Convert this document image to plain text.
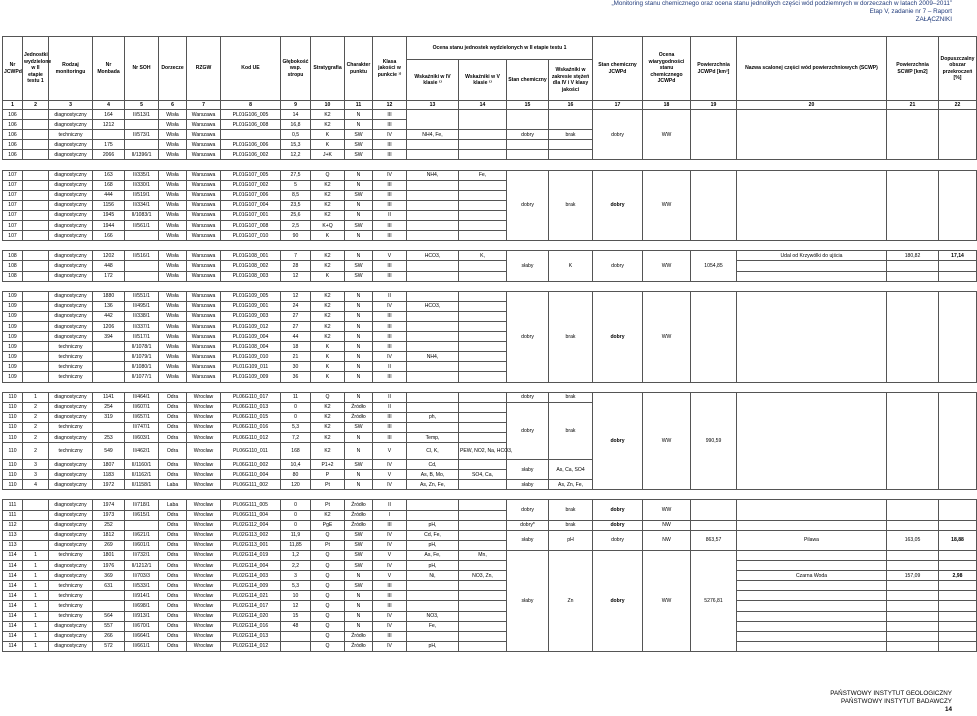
„Monitoring stanu chemicznego oraz ocena stanu jednolitych części wód podziemnych w dorzeczach w latach 2009–2011”
Etap V, zadanie nr 7 – Raport
ZAŁĄCZNIKI
Nr JCWPd	Jednostki wydzielone w II etapie testu 1	Rodzaj monitoringu	Nr Monbada	Nr SOH	Dorzecze	RZGW	Kod UE	Głębokość wsp. stropu	Stratygrafia	Charakter punktu	Klasa jakości w punkcie ¹⁾	Ocena stanu jednostek wydzielonych w II etapie testu 1				Stan chemiczny JCWPd	Ocena wiarygodności stanu chemicznego JCWPd	Powierzchnia JCWPd [km²]	Nazwa scalonej części wód powierzchniowych (SCWP)	Powierzchnia SCWP [km2]	Dopuszczalny obszar przekroczeń [%]
												Wskaźniki w IV klasie ¹⁾	Wskaźniki w V klasie ¹⁾	Stan chemiczny	Wskaźniki w zakresie stężeń dla IV i V klasy jakości						
1	2	3	4	5	6	7	8	9	10	11	12	13	14	15	16	17	18	19	20	21	22
106		diagnostyczny	164	II/513/1	Wisła	Warszawa	PL01G106_005	14	K2	N	III					dobry	WW				
106		diagnostyczny	1212		Wisła	Warszawa	PL01G106_008	16,8	K2	N	III										
106		techniczny		II/573/1	Wisła	Warszawa		0,5	K	SW	IV	NH4, Fe,		dobry	brak						
106		diagnostyczny	175		Wisła	Warszawa	PL01G106_006	15,3	K	SW	III										
106		diagnostyczny	2066	II/1396/1	Wisła	Warszawa	PL01G106_002	12,2	J+K	SW	III										

107		diagnostyczny	163	II/335/1	Wisła	Warszawa	PL01G107_005	27,5	Q	N	IV	NH4,	Fe,	dobry	brak	dobry	WW				
107		diagnostyczny	168	II/330/1	Wisła	Warszawa	PL01G107_002	5	K2	N	III										
107		diagnostyczny	444	II/519/1	Wisła	Warszawa	PL01G107_006	8,5	K2	SW	III										
107		diagnostyczny	1156	II/334/1	Wisła	Warszawa	PL01G107_004	23,5	K2	N	III										
107		diagnostyczny	1945	II/1083/1	Wisła	Warszawa	PL01G107_001	25,6	K2	N	II										
107		diagnostyczny	1944	II/561/1	Wisła	Warszawa	PL01G107_008	2,5	K+Q	SW	III										
107		diagnostyczny	166		Wisła	Warszawa	PL01G107_010	90	K	N	III										

108		diagnostyczny	1202	II/516/1	Wisła	Warszawa	PL01G108_001	7	K2	N	V	HCO3,	K,	słaby	K	dobry	WW	1054,85	Udal od Krzywólki do ujścia	180,82	17,14
108		diagnostyczny	448		Wisła	Warszawa	PL01G108_002	28	K2	SW	III										
108		diagnostyczny	172		Wisła	Warszawa	PL01G108_003	12	K	SW	III										

109		diagnostyczny	1880	II/551/1	Wisła	Warszawa	PL01G109_005	12	K2	N	II			dobry	brak	dobry	WW				
109		diagnostyczny	136	II/495/1	Wisła	Warszawa	PL01G109_001	24	K2	N	IV	HCO3,									
109		diagnostyczny	442	II/338/1	Wisła	Warszawa	PL01G109_003	27	K2	N	III										
109		diagnostyczny	1206	II/337/1	Wisła	Warszawa	PL01G109_012	27	K2	N	III										
109		diagnostyczny	394	II/517/1	Wisła	Warszawa	PL01G109_004	44	K2	N	III										
109		techniczny		II/1078/1	Wisła	Warszawa	PL01G108_004	18	K	N	III										
109		techniczny		II/1079/1	Wisła	Warszawa	PL01G109_010	21	K	N	IV	NH4,									
109		techniczny		II/1080/1	Wisła	Warszawa	PL01G109_011	30	K	N	II										
109		techniczny		II/1077/1	Wisła	Warszawa	PL01G109_009	36	K	N	III										

110	1	diagnostyczny	1141	II/464/1	Odra	Wrocław	PL06G110_017	11	Q	N	II			dobry	brak	dobry	WW	990,59			
110	2	diagnostyczny	254	II/607/1	Odra	Wrocław	PL06G110_013	0	K2	Źródło	II			dobry	brak						
110	2	diagnostyczny	319	II/657/1	Odra	Wrocław	PL06G110_015	0	K2	Źródło	III	ph,									
110	2	techniczny		II/747/1	Odra	Wrocław	PL06G110_016	5,3	K2	SW	III										
110	2	diagnostyczny	253	II/603/1	Odra	Wrocław	PL06G110_012	7,2	K2	N	III	Temp,									
110	2	techniczny	549	II/462/1	Odra	Wrocław	PL06G110_011	168	K2	N	V	Cl, K,	PEW, NO2, Na, HCO3,								
110	3	diagnostyczny	1807	II/1160/1	Odra	Wrocław	PL06G110_002	10,4	P1+2	SW	IV	Cd,		słaby	As, Ca, SO4						
110	3	diagnostyczny	1183	II/1162/1	Odra	Wrocław	PL06G110_004	80	P	N	V	As, B, Mo,	SO4, Ca,								
110	4	diagnostyczny	1972	II/1158/1	Laba	Wrocław	PL06G111_002	120	Pt	N	IV	As, Zn, Fe,		słaby	As, Zn, Fe,						

111		diagnostyczny	1974	II/718/1	Laba	Wrocław	PL06G111_005	0	Pt	Źródło	II			dobry	brak	dobry	WW				
111		diagnostyczny	1973	II/615/1	Odra	Wrocław	PL06G111_004	0	K2	Źródło	I										
112		diagnostyczny	252		Odra	Wrocław	PL02G112_004	0	PgE	Źródło	III	pH,		dobry*	brak	dobry	NW				
113		diagnostyczny	1812	II/621/1	Odra	Wrocław	PL02G113_002	11,9	Q	SW	IV	Cd, Fe,		słaby	pH	dobry	NW	863,57	Pilawa	163,05	18,88
113		diagnostyczny	269	II/601/1	Odra	Wrocław	PL02G113_001	11,85	Pt	SW	IV	pH,									
114	1	techniczny	1801	II/732/1	Odra	Wrocław	PL02G114_019	1,2	Q	SW	V	As, Fe,	Mn,	słaby	Zn	dobry	WW	5276,81			
114	1	diagnostyczny	1976	II/1212/1	Odra	Wrocław	PL02G114_004	2,2	Q	SW	IV	pH,									
114	1	diagnostyczny	369	II/703/3	Odra	Wrocław	PL02G114_003	3	Q	N	V	Ni,	NO3, Zn,						Czarna Woda	157,09	2,98
114	1	techniczny	631	II/533/1	Odra	Wrocław	PL02G114_009	5,3	Q	SW	III										
114	1	techniczny		II/914/1	Odra	Wrocław	PL02G114_021	10	Q	N	III										
114	1	techniczny		II/698/1	Odra	Wrocław	PL02G114_017	12	Q	N	III										
114	1	techniczny	564	II/913/1	Odra	Wrocław	PL02G114_020	15	Q	N	IV	NO3,									
114	1	diagnostyczny	557	II/670/1	Odra	Wrocław	PL02G114_016	48	Q	N	IV	Fe,									
114	1	diagnostyczny	266	II/664/1	Odra	Wrocław	PL02G114_013		Q	Źródło	III										
114	1	diagnostyczny	572	II/661/1	Odra	Wrocław	PL02G114_012		Q	Źródło	IV	pH,									
PAŃSTWOWY INSTYTUT GEOLOGICZNY
PAŃSTWOWY INSTYTUT BADAWCZY
14
